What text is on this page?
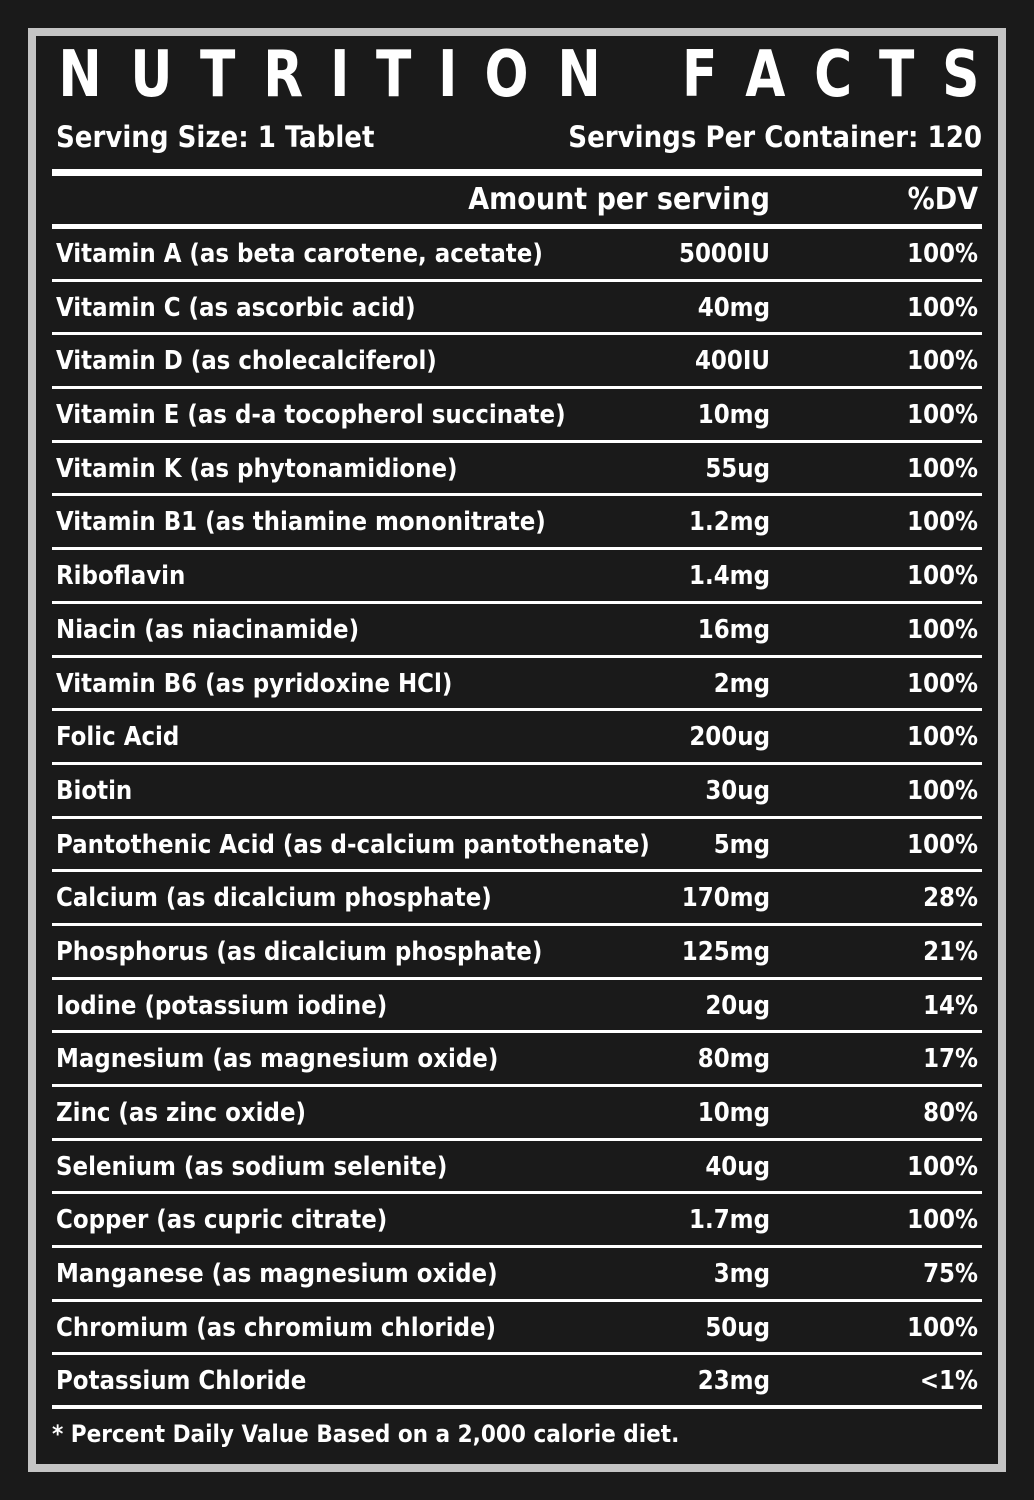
N U T R I T I O N F A C T S
Serving Size: 1 Tablet	Servings Per Container: 120
Amount per serving	%DV
Vitamin A (as beta carotene, acetate)	5000IU	100%
Vitamin C (as ascorbic acid)	40mg	100%
Vitamin D (as cholecalciferol)	400IU	100%
Vitamin E (as d-a tocopherol succinate)	10mg	100%
Vitamin K (as phytonamidione)	55ug	100%
Vitamin B1 (as thiamine mononitrate)	1.2mg	100%
Riboflavin	1.4mg	100%
Niacin (as niacinamide)	16mg	100%
Vitamin B6 (as pyridoxine HCl)	2mg	100%
Folic Acid	200ug	100%
Biotin	30ug	100%
Pantothenic Acid (as d-calcium pantothenate)	5mg	100%
Calcium (as dicalcium phosphate)	170mg	28%
Phosphorus (as dicalcium phosphate)	125mg	21%
Iodine (potassium iodine)	20ug	14%
Magnesium (as magnesium oxide)	80mg	17%
Zinc (as zinc oxide)	10mg	80%
Selenium (as sodium selenite)	40ug	100%
Copper (as cupric citrate)	1.7mg	100%
Manganese (as magnesium oxide)	3mg	75%
Chromium (as chromium chloride)	50ug	100%
Potassium Chloride	23mg	<1%
* Percent Daily Value Based on a 2,000 calorie diet.
